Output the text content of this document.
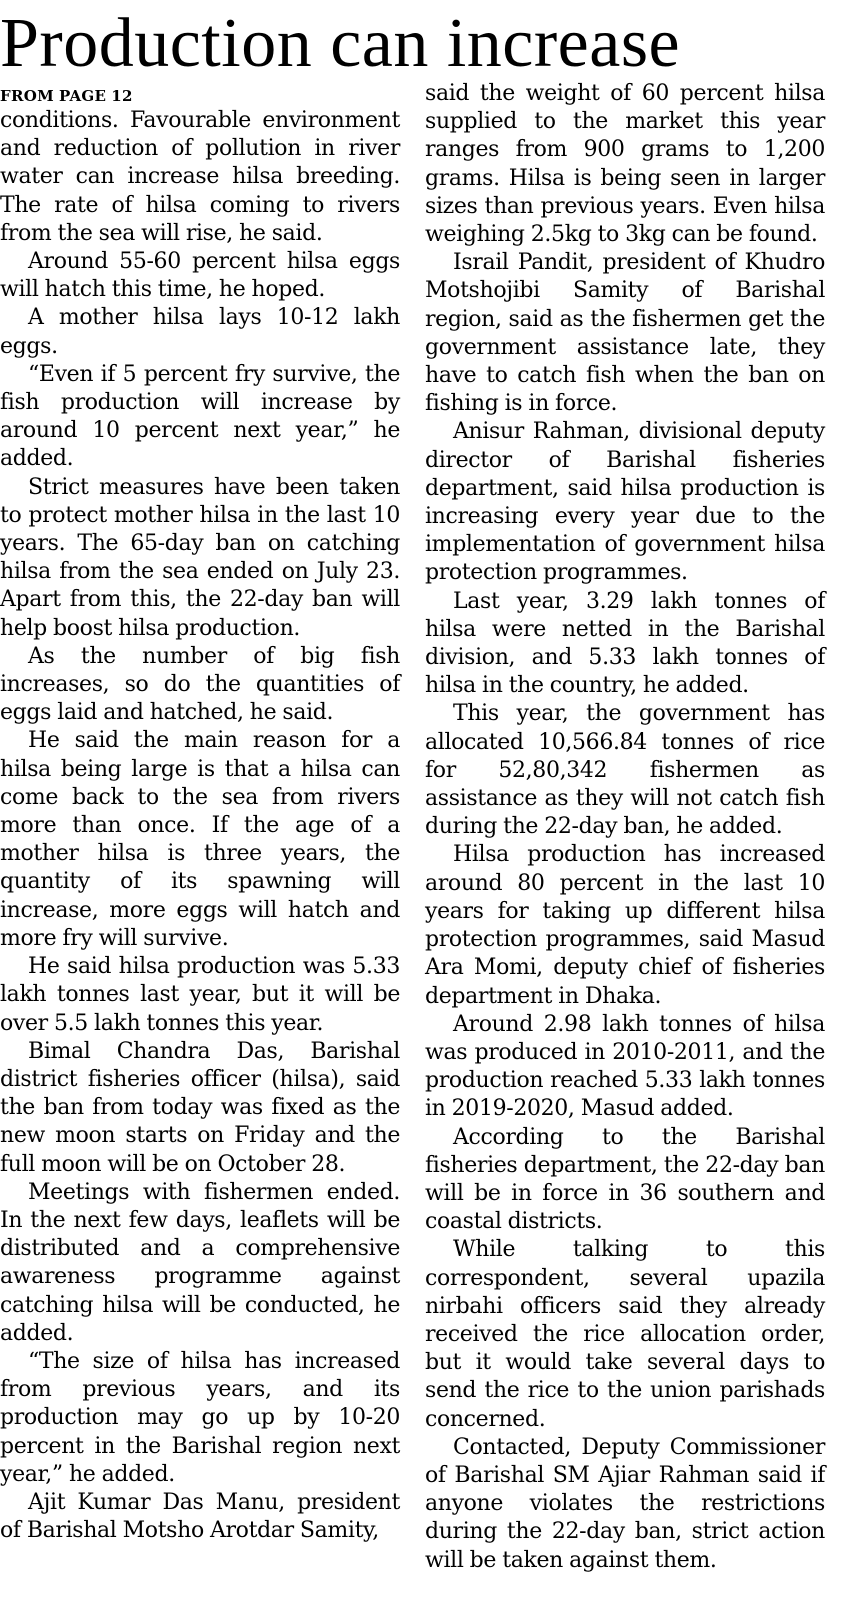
Production can increase
FROM PAGE 12

conditions. Favourable environment and reduction of pollution in river water can increase hilsa breeding. The rate of hilsa coming to rivers from the sea will rise, he said.

Around 55-60 percent hilsa eggs will hatch this time, he hoped.

A mother hilsa lays 10-12 lakh eggs.

“Even if 5 percent fry survive, the fish production will increase by around 10 percent next year,” he added.

Strict measures have been taken to protect mother hilsa in the last 10 years. The 65-day ban on catching hilsa from the sea ended on July 23. Apart from this, the 22-day ban will help boost hilsa production.

As the number of big fish increases, so do the quantities of eggs laid and hatched, he said.

He said the main reason for a hilsa being large is that a hilsa can come back to the sea from rivers more than once. If the age of a mother hilsa is three years, the quantity of its spawning will increase, more eggs will hatch and more fry will survive.

He said hilsa production was 5.33 lakh tonnes last year, but it will be over 5.5 lakh tonnes this year.

Bimal Chandra Das, Barishal district fisheries officer (hilsa), said the ban from today was fixed as the new moon starts on Friday and the full moon will be on October 28.

Meetings with fishermen ended. In the next few days, leaflets will be distributed and a comprehensive awareness programme against catching hilsa will be conducted, he added.

“The size of hilsa has increased from previous years, and its production may go up by 10-20 percent in the Barishal region next year,” he added.

Ajit Kumar Das Manu, president of Barishal Motsho Arotdar Samity,

said the weight of 60 percent hilsa supplied to the market this year ranges from 900 grams to 1,200 grams. Hilsa is being seen in larger sizes than previous years. Even hilsa weighing 2.5kg to 3kg can be found.

Israil Pandit, president of Khudro Motshojibi Samity of Barishal region, said as the fishermen get the government assistance late, they have to catch fish when the ban on fishing is in force.

Anisur Rahman, divisional deputy director of Barishal fisheries department, said hilsa production is increasing every year due to the implementation of government hilsa protection programmes.

Last year, 3.29 lakh tonnes of hilsa were netted in the Barishal division, and 5.33 lakh tonnes of hilsa in the country, he added.

This year, the government has allocated 10,566.84 tonnes of rice for 52,80,342 fishermen as assistance as they will not catch fish during the 22-day ban, he added.

Hilsa production has increased around 80 percent in the last 10 years for taking up different hilsa protection programmes, said Masud Ara Momi, deputy chief of fisheries department in Dhaka.

Around 2.98 lakh tonnes of hilsa was produced in 2010-2011, and the production reached 5.33 lakh tonnes in 2019-2020, Masud added.

According to the Barishal fisheries department, the 22-day ban will be in force in 36 southern and coastal districts.

While talking to this correspondent, several upazila nirbahi officers said they already received the rice allocation order, but it would take several days to send the rice to the union parishads concerned.

Contacted, Deputy Commissioner of Barishal SM Ajiar Rahman said if anyone violates the restrictions during the 22-day ban, strict action will be taken against them.
